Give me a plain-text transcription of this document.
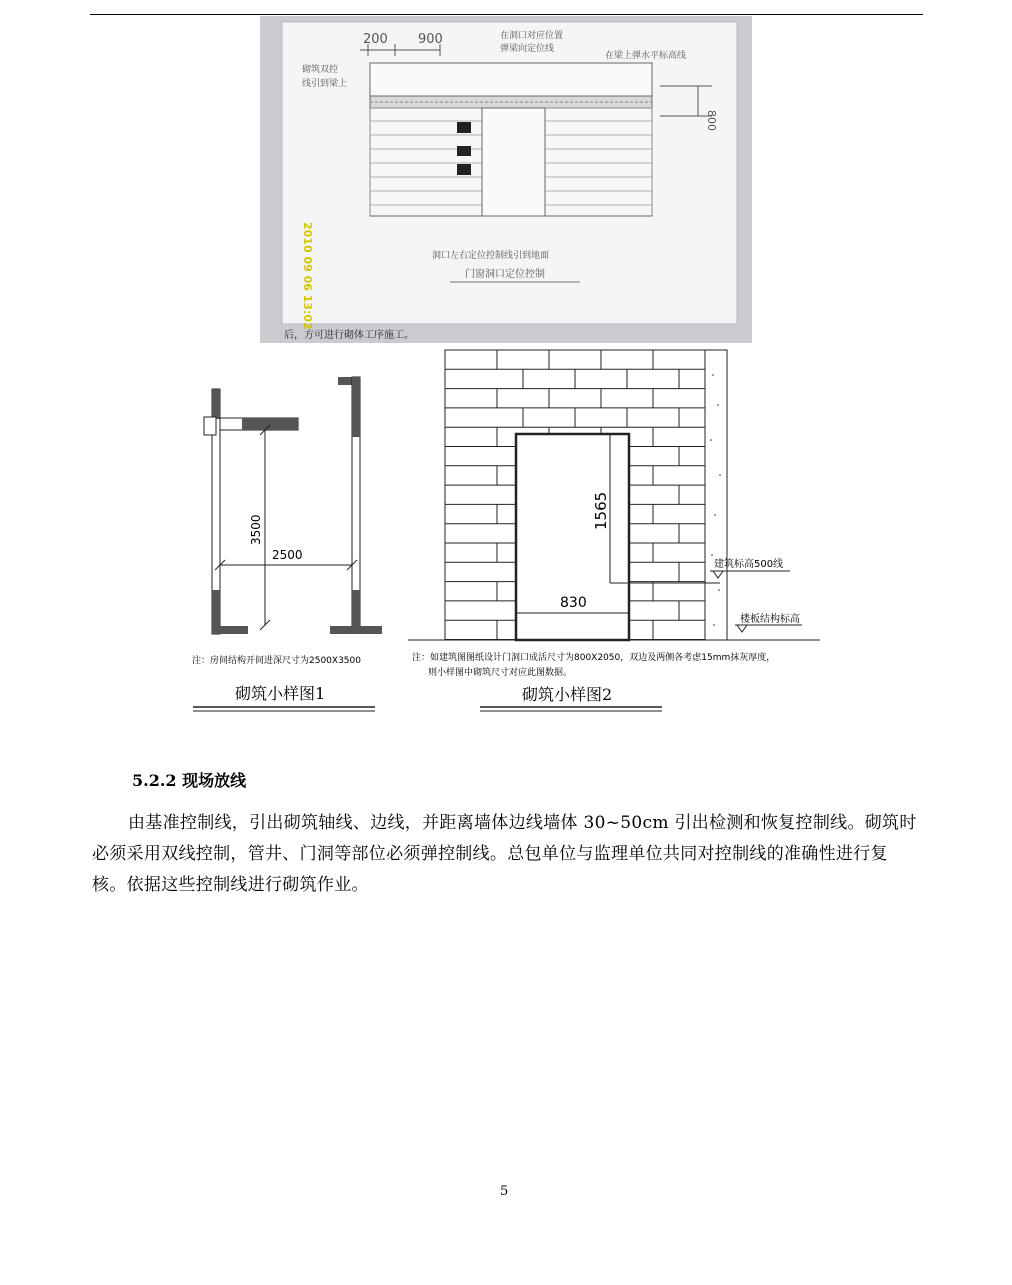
200 900	在洞口对应位置
弹梁向定位线
在梁上弹水平标高线
砌筑双控
线引到梁上
800
洞口左右定位控制线引到地面
门窗洞口定位控制
2010 09 06 13:02
后，方可进行砌体工序施工。
3500
2500
注：房间结构开间进深尺寸为2500X3500
砌筑小样图1
1565
830
建筑标高500线
楼板结构标高
注：如建筑图图纸设计门洞口成活尺寸为800X2050，双边及两侧各考虑15mm抹灰厚度，
则小样图中砌筑尺寸对应此图数据。
砌筑小样图2
5.2.2 现场放线
由基准控制线，引出砌筑轴线、边线，并距离墙体边线墙体 30~50cm 引出检测和恢复控制线。砌筑时必须采用双线控制，管井、门洞等部位必须弹控制线。总包单位与监理单位共同对控制线的准确性进行复核。依据这些控制线进行砌筑作业。
5
